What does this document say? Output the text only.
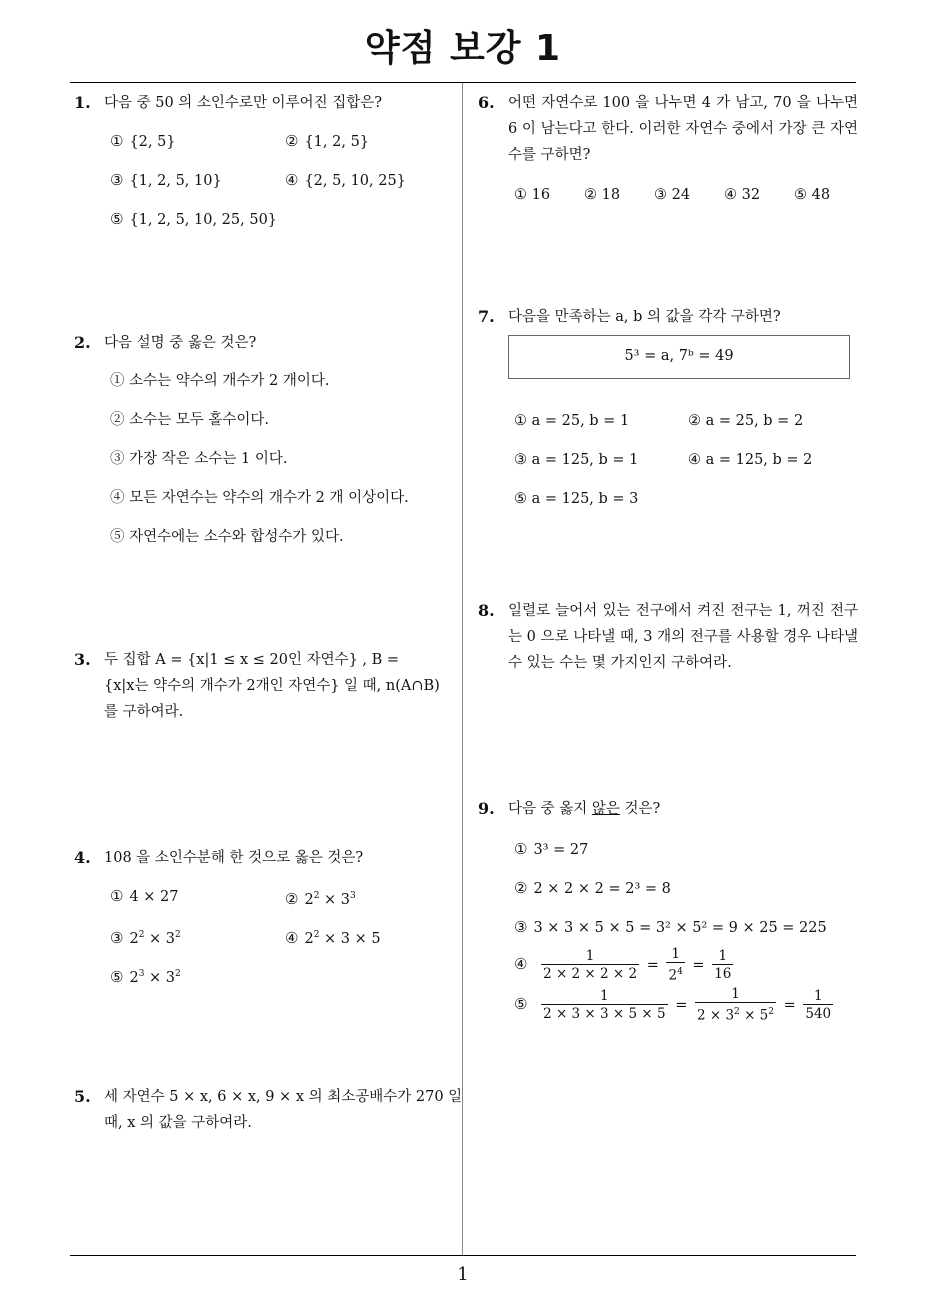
약점 보강 1
1. 다음 중 50 의 소인수로만 이루어진 집합은?
① {2, 5}	② {1, 2, 5}
③ {1, 2, 5, 10}	④ {2, 5, 10, 25}
⑤ {1, 2, 5, 10, 25, 50}
2. 다음 설명 중 옳은 것은?
① 소수는 약수의 개수가 2 개이다.
② 소수는 모두 홀수이다.
③ 가장 작은 소수는 1 이다.
④ 모든 자연수는 약수의 개수가 2 개 이상이다.
⑤ 자연수에는 소수와 합성수가 있다.
3. 두 집합 A = {x|1 ≤ x ≤ 20인 자연수} , B =
{x|x는 약수의 개수가 2개인 자연수} 일 때, n(A∩B)
를 구하여라.
4. 108 을 소인수분해 한 것으로 옳은 것은?
① 4 × 27	② $2^2 \times 3^3$
③ $2^2 \times 3^2$	④ $2^2 \times 3 \times 5$
⑤ $2^3 \times 3^2$
5. 세 자연수 5 × x, 6 × x, 9 × x 의 최소공배수가 270 일
때, x 의 값을 구하여라.
6. 어떤 자연수로 100 을 나누면 4 가 남고, 70 을 나누면 6 이 남는다고 한다. 이러한 자연수 중에서 가장 큰 자연수를 구하면?
① 16 ② 18 ③ 24 ④ 32 ⑤ 48
7. 다음을 만족하는 a, b 의 값을 각각 구하면?
5³ = a, 7ᵇ = 49
① a = 25, b = 1	② a = 25, b = 2
③ a = 125, b = 1	④ a = 125, b = 2
⑤ a = 125, b = 3
8. 일렬로 늘어서 있는 전구에서 켜진 전구는 1, 꺼진 전구는 0 으로 나타낼 때, 3 개의 전구를 사용할 경우 나타낼 수 있는 수는 몇 가지인지 구하여라.
9. 다음 중 옳지 않은 것은?
① 3³ = 27
② 2 × 2 × 2 = 2³ = 8
③ 3 × 3 × 5 × 5 = 3² × 5² = 9 × 25 = 225
④ $\frac{1}{2 \times 2 \times 2 \times 2} = \frac{1}{2^4} = \frac{1}{16}$
⑤ $\frac{1}{2 \times 3 \times 3 \times 5 \times 5} = \frac{1}{2 \times 3^2 \times 5^2} = \frac{1}{540}$
1
